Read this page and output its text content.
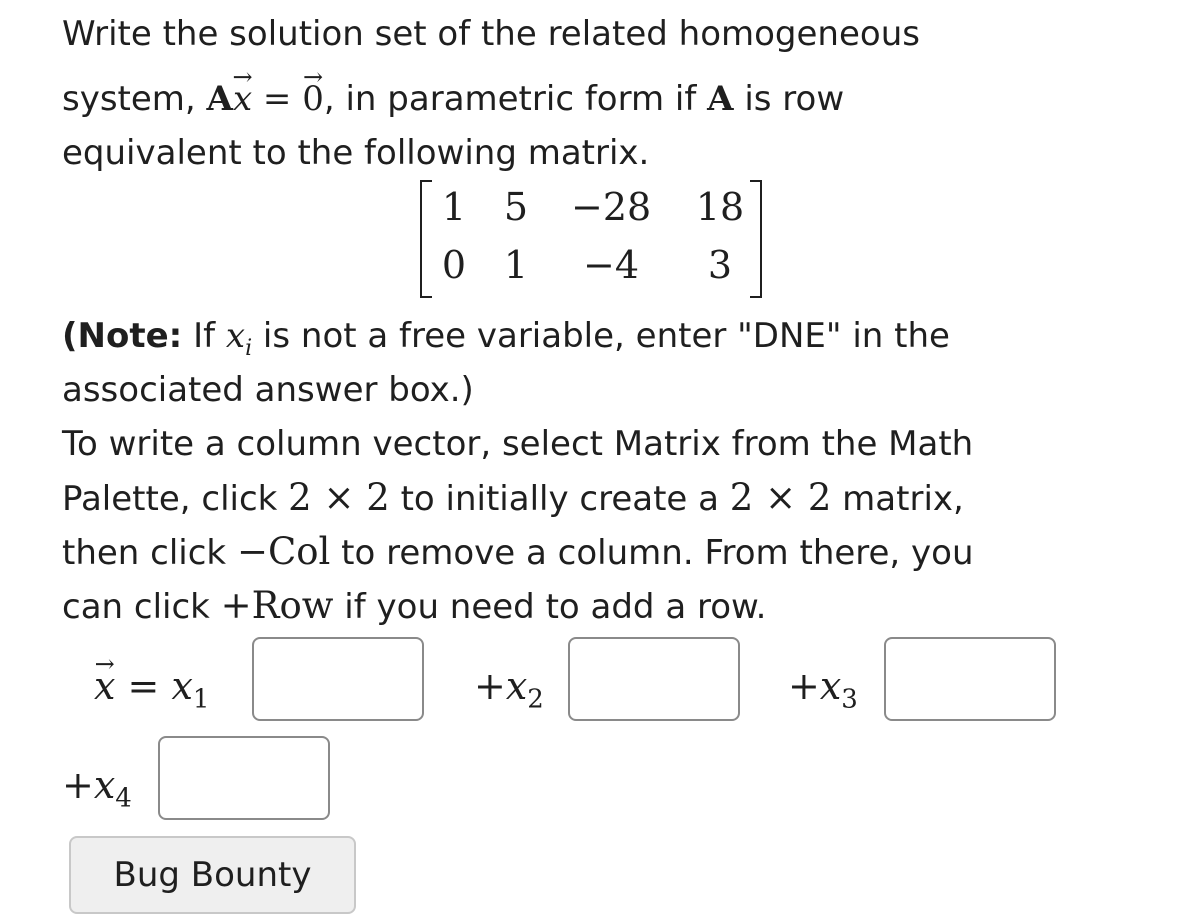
Write the solution set of the related homogeneous
system, A→ x = → 0, in parametric form if A is row
equivalent to the following matrix.
1 5	−28	18
0 1	−4	3
(Note: If $x_i$ is not a free variable, enter "DNE" in the
associated answer box.)
To write a column vector, select Matrix from the Math
Palette, click 2 × 2 to initially create a 2 × 2 matrix,
then click −Col to remove a column. From there, you
can click +Row if you need to add a row.
→ $x = x_1$	$+x_2$	$+x_3$
$+x_4$
Bug Bounty
